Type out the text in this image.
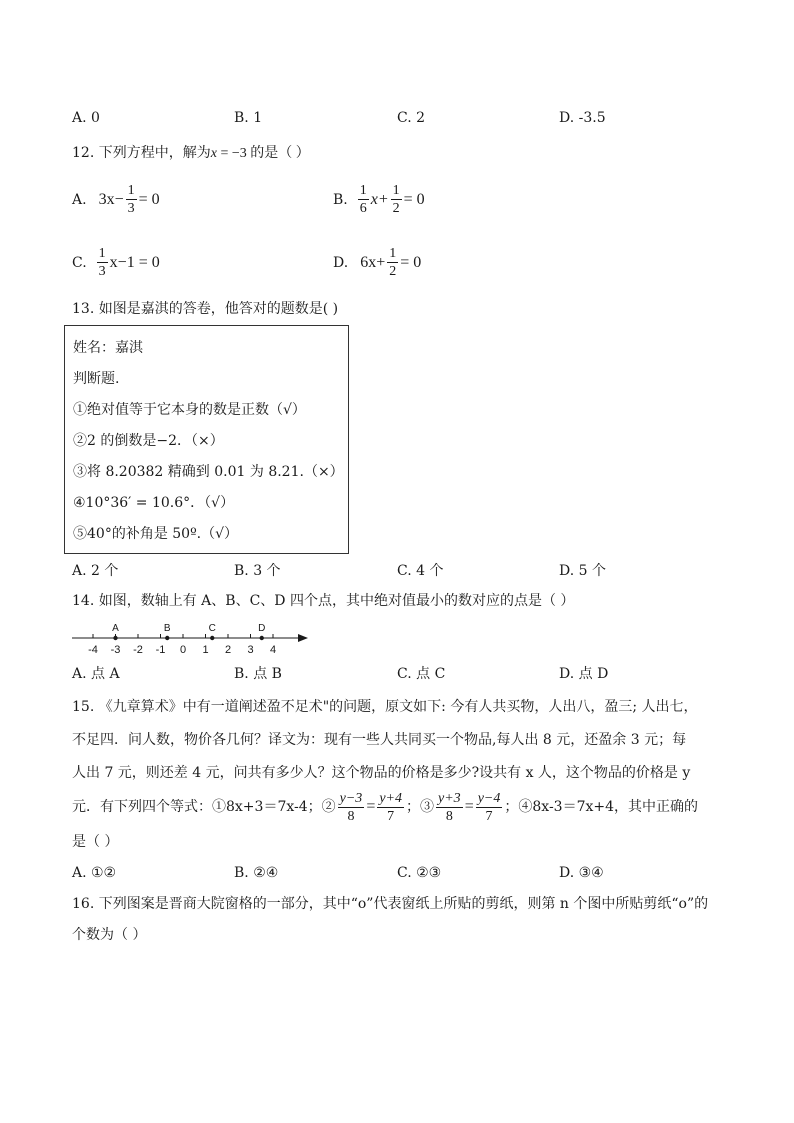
A. 0	B. 1	C. 2	D. -3.5
12. 下列方程中，解为x = −3 的是（ ）
A. $3x- \frac{1}{3} = 0$	B. $\frac{1}{6} x+ \frac{1}{2} = 0$
C. $\frac{1}{3} x-1 = 0$	D. $6x+ \frac{1}{2} = 0$
13. 如图是嘉淇的答卷，他答对的题数是( )
姓名：嘉淇
判断题.
①绝对值等于它本身的数是正数（√）
②2 的倒数是−2．（×）
③将 8.20382 精确到 0.01 为 8.21.（×）
④10°36′ = 10.6°．（√）
⑤40°的补角是 50º.（√）
A. 2 个	B. 3 个	C. 4 个	D. 5 个
14. 如图，数轴上有 A、B、C、D 四个点，其中绝对值最小的数对应的点是（ ）
-4 -3 -2 -1 0 1 2 3 4
A	B	C	D
A. 点 A	B. 点 B	C. 点 C	D. 点 D
15. 《九章算术》中有一道阐述盈不足术"的问题，原文如下: 今有人共买物，人出八，盈三; 人出七，
不足四．问人数，物价各几何？译文为：现有一些人共同买一个物品,每人出 8 元，还盈余 3 元；每
人出 7 元，则还差 4 元，问共有多少人？这个物品的价格是多少?设共有 x 人，这个物品的价格是 y
元．有下列四个等式：①8x+3＝7x-4；② $\frac{y-3}{8} = \frac{y+4}{7}$ ；③ $\frac{y+3}{8} = \frac{y-4}{7}$ ；④8x-3＝7x+4，其中正确的
是（ ）
A. ①②	B. ②④	C. ②③	D. ③④
16. 下列图案是晋商大院窗格的一部分，其中“o”代表窗纸上所贴的剪纸，则第 n 个图中所贴剪纸“o”的
个数为（ ）
